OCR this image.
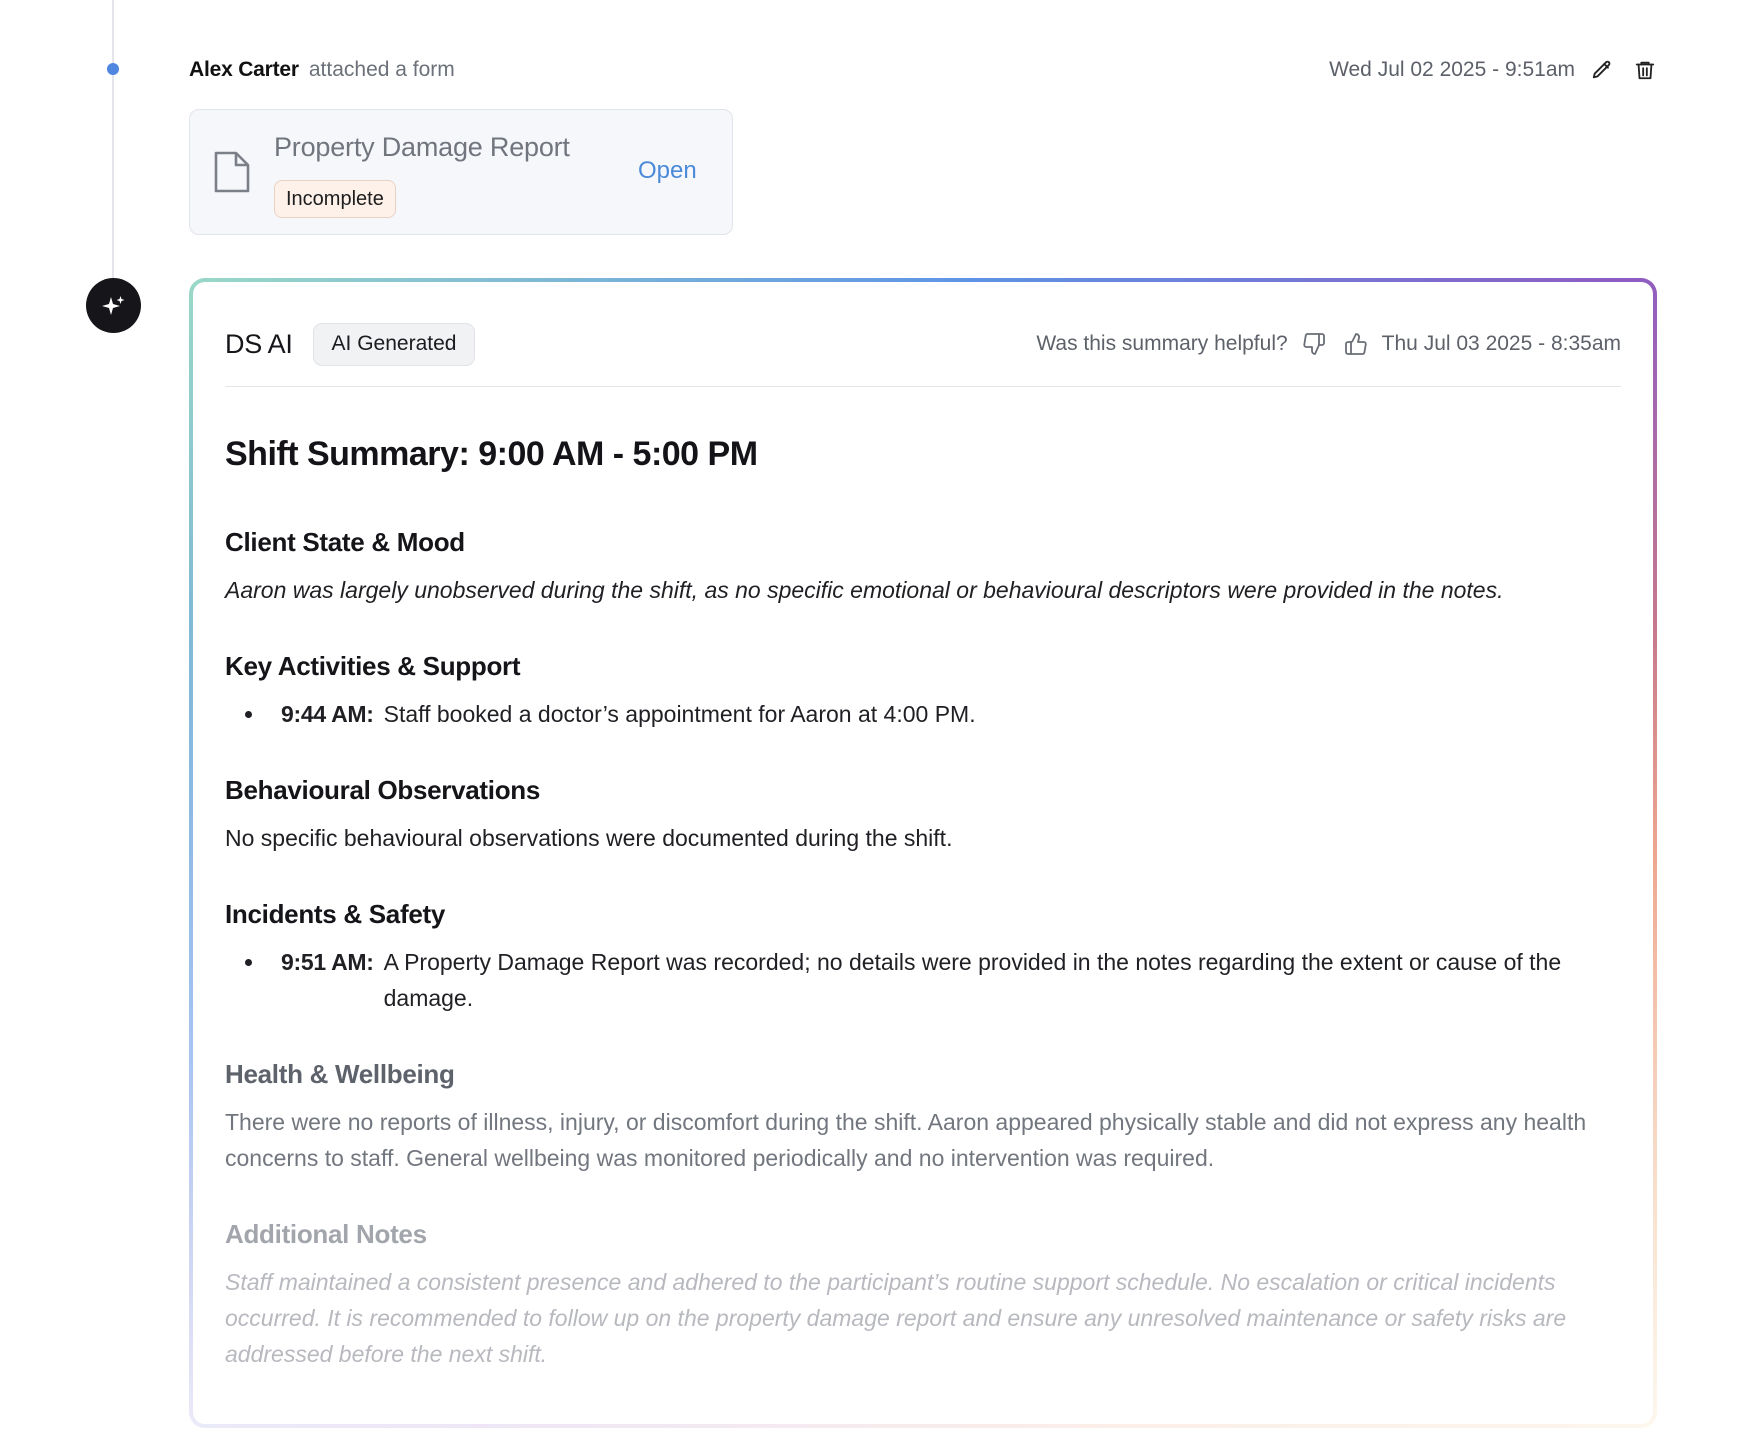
Alex Carter attached a form	Wed Jul 02 2025 - 9:51am
Property Damage Report
Incomplete
Open
DS AI	AI Generated	Was this summary helpful?	Thu Jul 03 2025 - 8:35am
Shift Summary: 9:00 AM - 5:00 PM
Client State & Mood

Aaron was largely unobserved during the shift, as no specific emotional or behavioural descriptors were provided in the notes.

Key Activities & Support
9:44 AM: Staff booked a doctor’s appointment for Aaron at 4:00 PM.
Behavioural Observations

No specific behavioural observations were documented during the shift.

Incidents & Safety
9:51 AM: A Property Damage Report was recorded; no details were provided in the notes regarding the extent or cause of the damage.
Health & Wellbeing

There were no reports of illness, injury, or discomfort during the shift. Aaron appeared physically stable and did not express any health concerns to staff. General wellbeing was monitored periodically and no intervention was required.

Additional Notes

Staff maintained a consistent presence and adhered to the participant’s routine support schedule. No escalation or critical incidents occurred. It is recommended to follow up on the property damage report and ensure any unresolved maintenance or safety risks are addressed before the next shift.
